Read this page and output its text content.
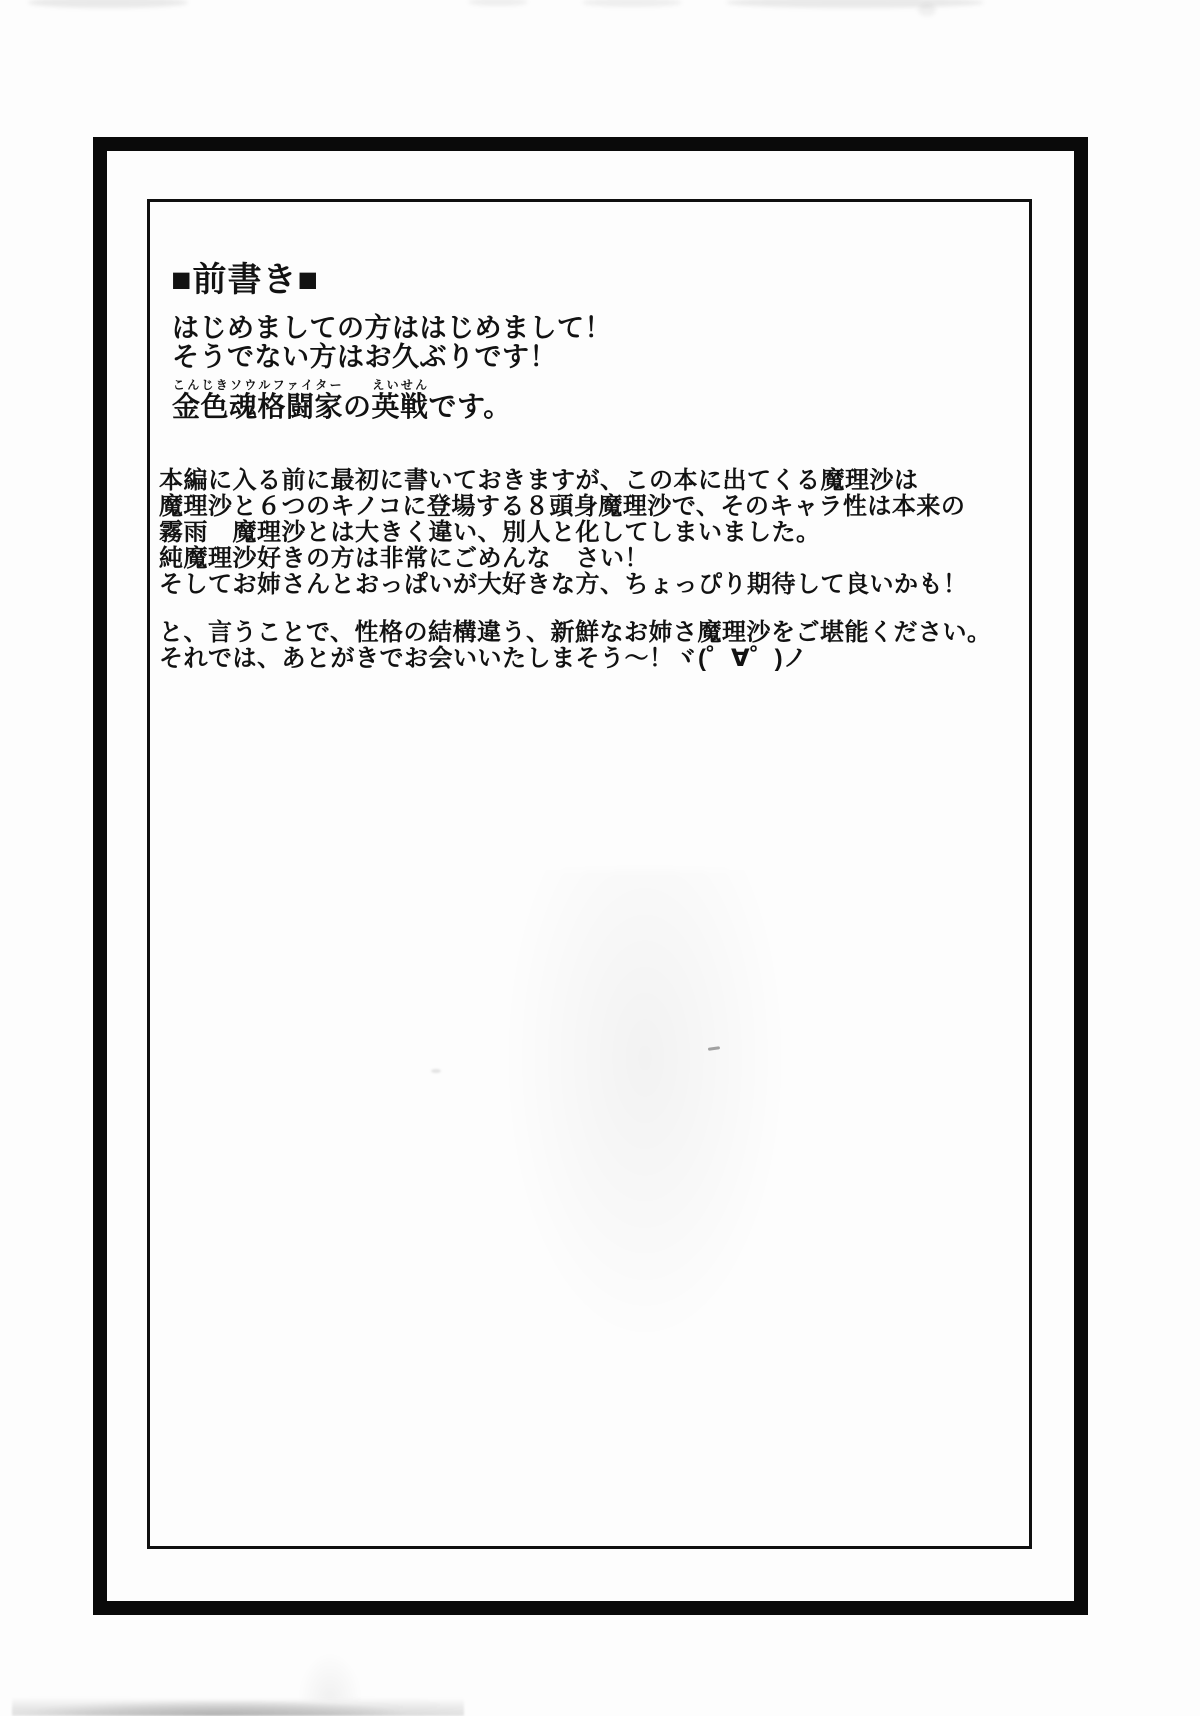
■前書き■
はじめましての方ははじめまして！
そうでない方はお久ぶりです！
金色魂格闘家こんじきソウルファイターの英戦えいせんです。
本編に入る前に最初に書いておきますが、この本に出てくる魔理沙は
魔理沙と６つのキノコに登場する８頭身魔理沙で、そのキャラ性は本来の
霧雨　魔理沙とは大きく違い、別人と化してしまいました。
純魔理沙好きの方は非常にごめんな　さい！
そしてお姉さんとおっぱいが大好きな方、ちょっぴり期待して良いかも！
と、言うことで、性格の結構違う、新鮮なお姉さ魔理沙をご堪能ください。
それでは、あとがきでお会いいたしまそう～！ヾ(゜∀゜)ノ
